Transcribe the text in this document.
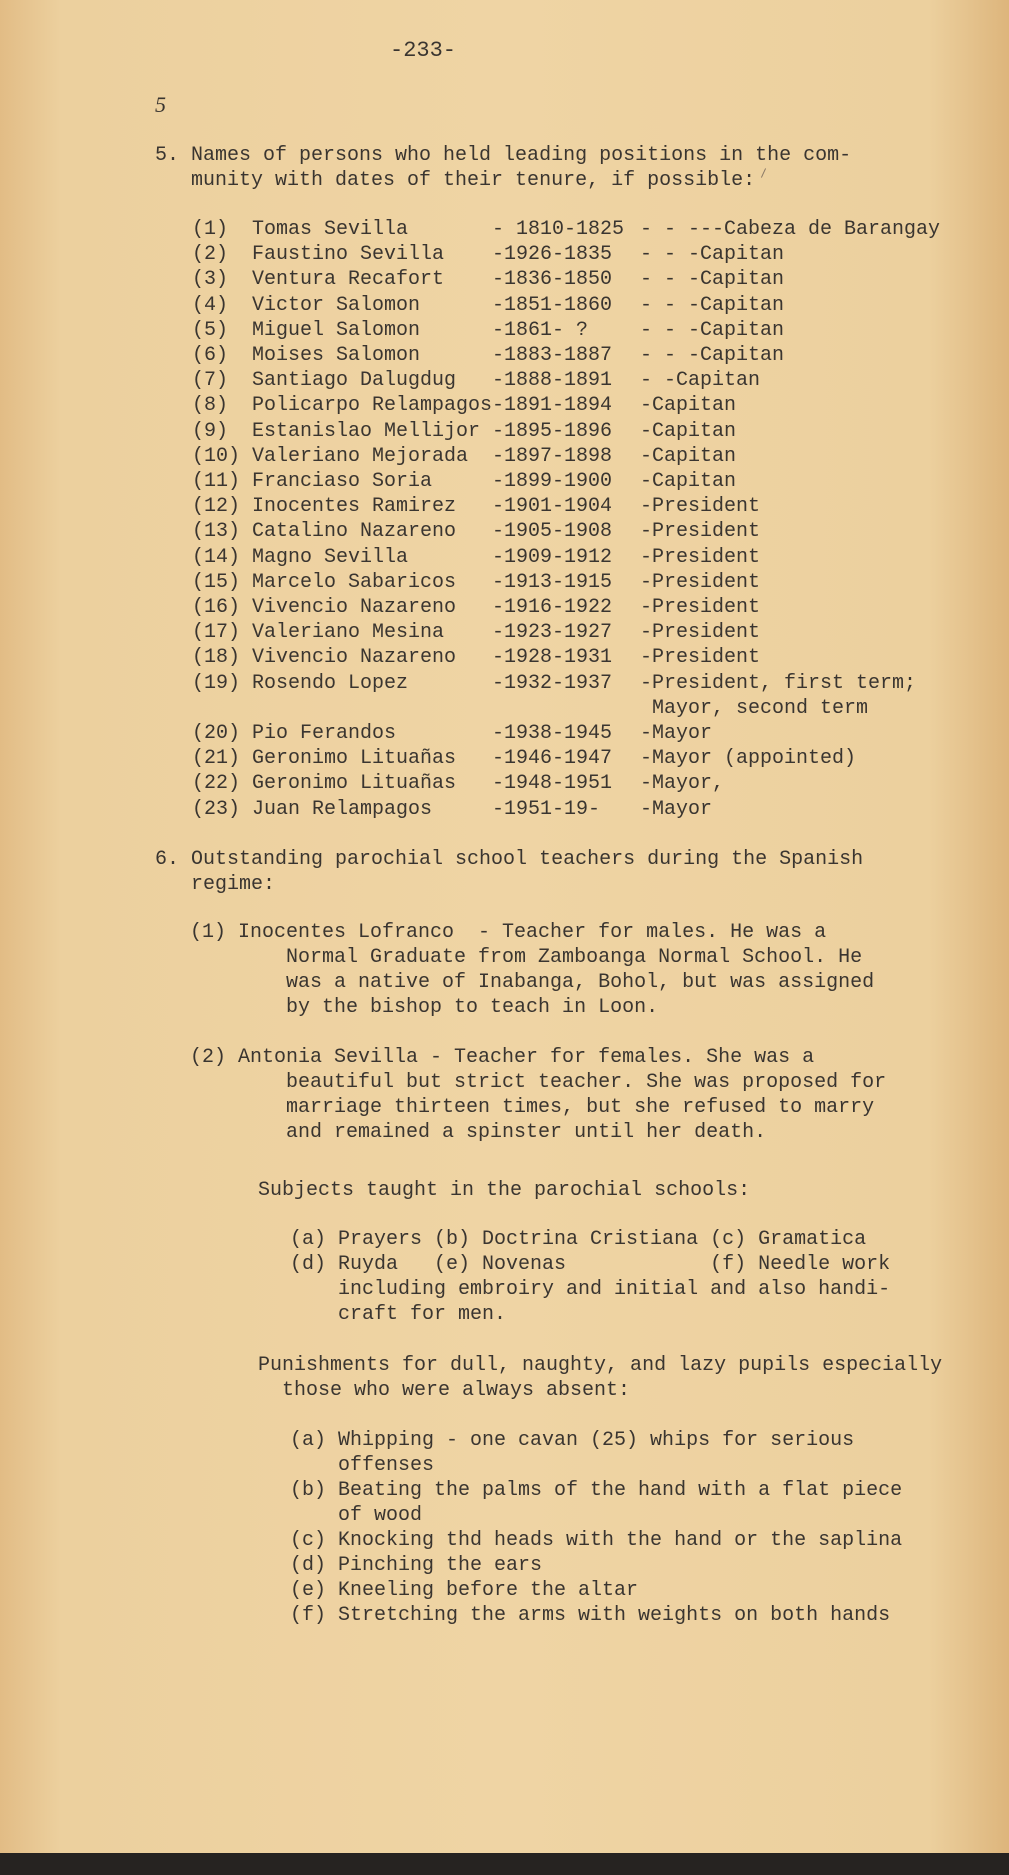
-233-
5
5. Names of persons who held leading positions in the com-
munity with dates of their tenure, if possible:
(1) Tomas Sevilla	- 1810-1825 - - ---Cabeza de Barangay
(2) Faustino Sevilla -1926-1835 - - -Capitan
(3) Ventura Recafort -1836-1850 - - -Capitan
(4) Victor Salomon	-1851-1860 - - -Capitan
(5) Miguel Salomon	-1861- ?	- - -Capitan
(6) Moises Salomon	-1883-1887 - - -Capitan
(7) Santiago Dalugdug -1888-1891 - -Capitan
(8) Policarpo Relampagos -1891-1894 -Capitan
(9) Estanislao Mellijor -1895-1896 -Capitan
(10) Valeriano Mejorada -1897-1898 -Capitan
(11) Franciaso Soria	-1899-1900 -Capitan
(12) Inocentes Ramirez -1901-1904 -President
(13) Catalino Nazareno -1905-1908 -President
(14) Magno Sevilla	-1909-1912 -President
(15) Marcelo Sabaricos -1913-1915 -President
(16) Vivencio Nazareno -1916-1922 -President
(17) Valeriano Mesina -1923-1927 -President
(18) Vivencio Nazareno -1928-1931 -President
(19) Rosendo Lopez	-1932-1937 -President, first term;
Mayor, second term
(20) Pio Ferandos	-1938-1945 -Mayor
(21) Geronimo Lituañas -1946-1947 -Mayor (appointed)
(22) Geronimo Lituañas -1948-1951 -Mayor,
(23) Juan Relampagos	-1951-19- -Mayor
6. Outstanding parochial school teachers during the Spanish
regime:
(1) Inocentes Lofranco  - Teacher for males. He was a
Normal Graduate from Zamboanga Normal School. He
was a native of Inabanga, Bohol, but was assigned
by the bishop to teach in Loon.
(2) Antonia Sevilla - Teacher for females. She was a
beautiful but strict teacher. She was proposed for
marriage thirteen times, but she refused to marry
and remained a spinster until her death.
Subjects taught in the parochial schools:
(a) Prayers (b) Doctrina Cristiana (c) Gramatica
(d) Ruyda   (e) Novenas            (f) Needle work
including embroiry and initial and also handi-
craft for men.
Punishments for dull, naughty, and lazy pupils especially
those who were always absent:
(a) Whipping - one cavan (25) whips for serious
offenses
(b) Beating the palms of the hand with a flat piece
of wood
(c) Knocking thd heads with the hand or the saplina
(d) Pinching the ears
(e) Kneeling before the altar
(f) Stretching the arms with weights on both hands
